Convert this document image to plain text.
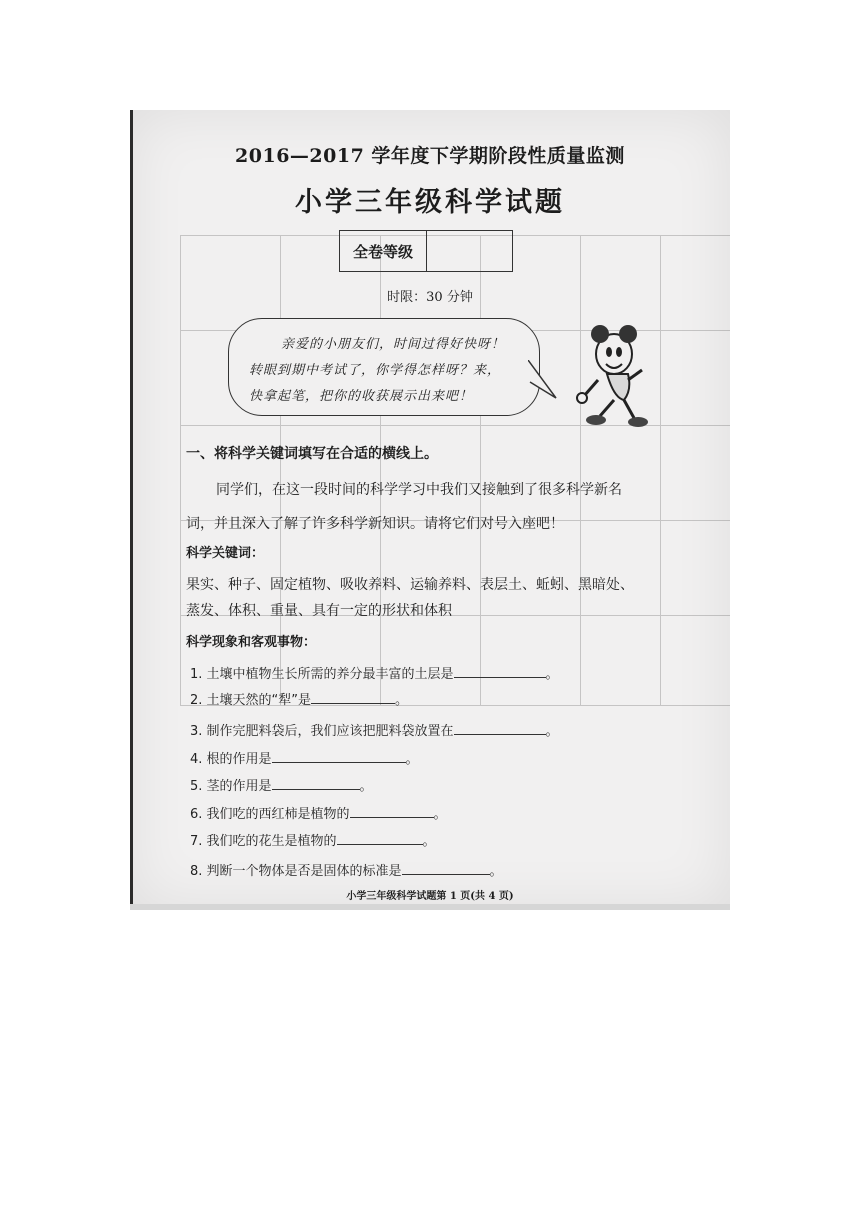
2016—2017 学年度下学期阶段性质量监测
小学三年级科学试题
全卷等级
时限：30 分钟
亲爱的小朋友们，时间过得好快呀！
转眼到期中考试了，你学得怎样呀？来，
快拿起笔，把你的收获展示出来吧！
一、将科学关键词填写在合适的横线上。
同学们，在这一段时间的科学学习中我们又接触到了很多科学新名
词，并且深入了解了许多科学新知识。请将它们对号入座吧！
科学关键词：
果实、种子、固定植物、吸收养料、运输养料、表层土、蚯蚓、黑暗处、
蒸发、体积、重量、具有一定的形状和体积
科学现象和客观事物：
1. 土壤中植物生长所需的养分最丰富的土层是	。
2. 土壤天然的“犁”是	。
3. 制作完肥料袋后，我们应该把肥料袋放置在	。
4. 根的作用是	。
5. 茎的作用是	。
6. 我们吃的西红柿是植物的	。
7. 我们吃的花生是植物的	。
8. 判断一个物体是否是固体的标准是	。
小学三年级科学试题第 1 页(共 4 页)
